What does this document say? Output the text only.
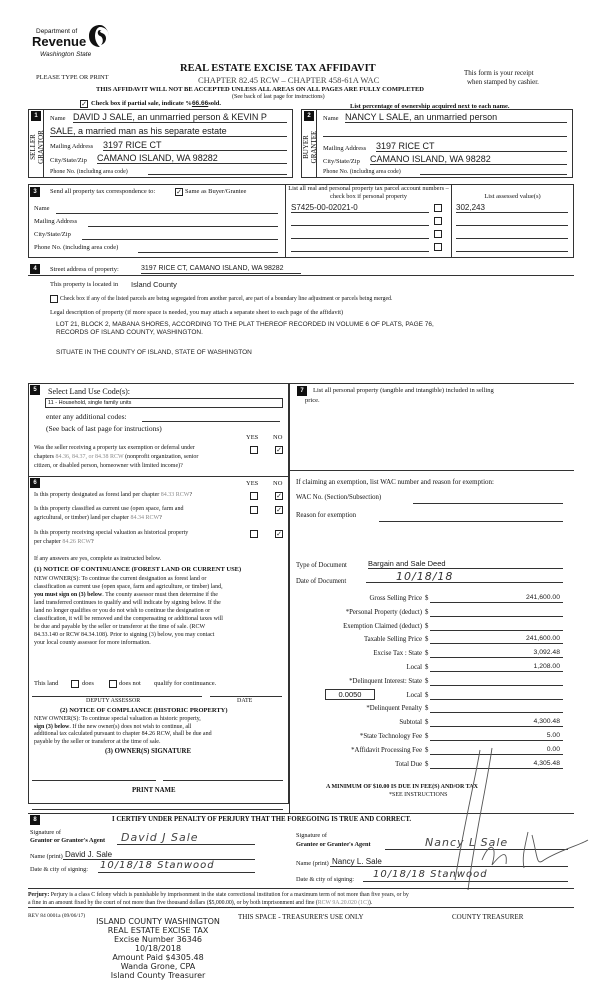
Department of
Revenue
Washington State
PLEASE TYPE OR PRINT
REAL ESTATE EXCISE TAX AFFIDAVIT
CHAPTER 82.45 RCW – CHAPTER 458-61A WAC
This form is your receipt
when stamped by cashier.
THIS AFFIDAVIT WILL NOT BE ACCEPTED UNLESS ALL AREAS ON ALL PAGES ARE FULLY COMPLETED
(See back of last page for instructions)
✓ Check box if partial sale, indicate %66.66sold.	List percentage of ownership acquired next to each name.
1
SELLER
GRANTOR
Name DAVID J SALE, an unmarried person & KEVIN P
SALE, a married man as his separate estate
Mailing Address 3197 RICE CT
City/State/Zip CAMANO ISLAND, WA 98282
Phone No. (including area code)
2
BUYER
GRANTEE
Name NANCY L SALE, an unmarried person
Mailing Address 3197 RICE CT
City/State/Zip CAMANO ISLAND, WA 98282
Phone No. (including area code)
3	Send all property tax correspondence to:	✓ Same as Buyer/Grantee
Name
Mailing Address
City/State/Zip
Phone No. (including area code)
List all real and personal property tax parcel account numbers – check box if personal property	List assessed value(s)
S7425-00-02021-0	302,243
4	Street address of property:	3197 RICE CT, CAMANO ISLAND, WA 98282
This property is located in Island County
Check box if any of the listed parcels are being segregated from another parcel, are part of a boundary line adjustment or parcels being merged.
Legal description of property (if more space is needed, you may attach a separate sheet to each page of the affidavit)
LOT 21, BLOCK 2, MABANA SHORES, ACCORDING TO THE PLAT THEREOF RECORDED IN VOLUME 6 OF PLATS, PAGE 76,
RECORDS OF ISLAND COUNTY, WASHINGTON.
SITUATE IN THE COUNTY OF ISLAND, STATE OF WASHINGTON
5	Select Land Use Code(s):
11 - Household, single family units
enter any additional codes:
(See back of last page for instructions)
YES NO
Was the seller receiving a property tax exemption or deferral under
chapters 84.36, 84.37, or 84.38 RCW (nonprofit organization, senior
citizen, or disabled person, homeowner with limited income)?
✓
6	YES NO
Is this property designated as forest land per chapter 84.33 RCW?	✓
Is this property classified as current use (open space, farm and
agricultural, or timber) land per chapter 84.34 RCW?
✓
Is this property receiving special valuation as historical property
per chapter 84.26 RCW?
✓
If any answers are yes, complete as instructed below.
(1) NOTICE OF CONTINUANCE (FOREST LAND OR CURRENT USE)
NEW OWNER(S): To continue the current designation as forest land or
classification as current use (open space, farm and agriculture, or timber) land,
you must sign on (3) below. The county assessor must then determine if the
land transferred continues to qualify and will indicate by signing below. If the
land no longer qualifies or you do not wish to continue the designation or
classification, it will be removed and the compensating or additional taxes will
be due and payable by the seller or transferor at the time of sale. (RCW
84.33.140 or RCW 84.34.108). Prior to signing (3) below, you may contact
your local county assessor for more information.
This land	does	does not qualify for continuance.
DEPUTY ASSESSOR	DATE
(2) NOTICE OF COMPLIANCE (HISTORIC PROPERTY)
NEW OWNER(S): To continue special valuation as historic property,
sign (3) below. If the new owner(s) does not wish to continue, all
additional tax calculated pursuant to chapter 84.26 RCW, shall be due and
payable by the seller or transferor at the time of sale.
(3) OWNER(S) SIGNATURE
PRINT NAME
7	List all personal property (tangible and intangible) included in selling
price.
If claiming an exemption, list WAC number and reason for exemption:
WAC No. (Section/Subsection)
Reason for exemption
Type of Document	Bargain and Sale Deed
Date of Document	10/18/18
0.0050
Gross Selling Price $	241,600.00
*Personal Property (deduct) $
Exemption Claimed (deduct) $
Taxable Selling Price $	241,600.00
Excise Tax : State $	3,092.48
Local $	1,208.00
*Delinquent Interest: State $
Local $
*Delinquent Penalty $
Subtotal $	4,300.48
*State Technology Fee $	5.00
*Affidavit Processing Fee $	0.00
Total Due $	4,305.48
A MINIMUM OF $10.00 IS DUE IN FEE(S) AND/OR TAX
*SEE INSTRUCTIONS
8	I CERTIFY UNDER PENALTY OF PERJURY THAT THE FOREGOING IS TRUE AND CORRECT.
Signature of
Grantor or Grantor's Agent	David J Sale
Name (print) David J. Sale
Date & city of signing: 10/18/18 Stanwood
Signature of
Grantee or Grantee's Agent	Nancy L Sale
Name (print) Nancy L. Sale
Date & city of signing:	10/18/18 Stanwood
Perjury: Perjury is a class C felony which is punishable by imprisonment in the state correctional institution for a maximum term of not more than five years, or by
a fine in an amount fixed by the court of not more than five thousand dollars ($5,000.00), or by both imprisonment and fine (RCW 9A.20.020 (1C)).
REV 84 0001a (09/06/17)	THIS SPACE - TREASURER'S USE ONLY	COUNTY TREASURER
ISLAND COUNTY WASHINGTON
REAL ESTATE EXCISE TAX
Excise Number 36346
10/18/2018
Amount Paid $4305.48
Wanda Grone, CPA
Island County Treasurer
